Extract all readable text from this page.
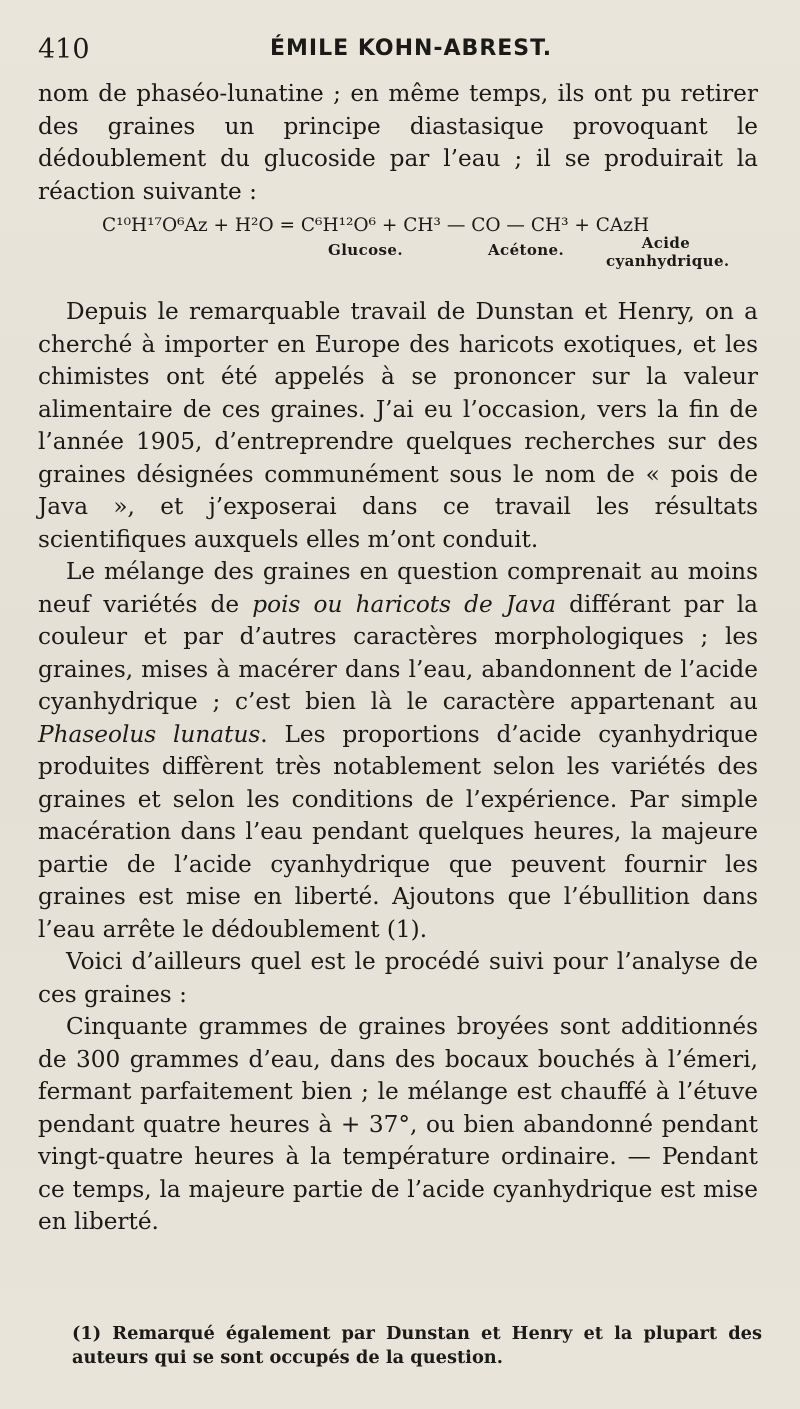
410	ÉMILE KOHN-ABREST.

nom de phaséo-lunatine ; en même temps, ils ont pu retirer des graines un principe diastasique provoquant le dédoublement du glucoside par l’eau ; il se produirait la réaction suivante :

C¹⁰H¹⁷O⁶Az + H²O = C⁶H¹²O⁶ + CH³ — CO — CH³ + CAzH
Glucose.	Acétone.	Acide
cyanhydrique.

Depuis le remarquable travail de Dunstan et Henry, on a cherché à importer en Europe des haricots exotiques, et les chimistes ont été appelés à se prononcer sur la valeur alimentaire de ces graines. J’ai eu l’occasion, vers la fin de l’année 1905, d’entreprendre quelques recherches sur des graines désignées communément sous le nom de « pois de Java », et j’exposerai dans ce travail les résultats scientifiques auxquels elles m’ont conduit.

Le mélange des graines en question comprenait au moins neuf variétés de pois ou haricots de Java différant par la couleur et par d’autres caractères morphologiques ; les graines, mises à macérer dans l’eau, abandonnent de l’acide cyanhydrique ; c’est bien là le caractère appartenant au Phaseolus lunatus. Les proportions d’acide cyanhydrique produites diffèrent très notablement selon les variétés des graines et selon les conditions de l’expérience. Par simple macération dans l’eau pendant quelques heures, la majeure partie de l’acide cyanhydrique que peuvent fournir les graines est mise en liberté. Ajoutons que l’ébullition dans l’eau arrête le dédoublement (1).

Voici d’ailleurs quel est le procédé suivi pour l’analyse de ces graines :

Cinquante grammes de graines broyées sont additionnés de 300 grammes d’eau, dans des bocaux bouchés à l’émeri, fermant parfaitement bien ; le mélange est chauffé à l’étuve pendant quatre heures à + 37°, ou bien abandonné pendant vingt-quatre heures à la température ordinaire. — Pendant ce temps, la majeure partie de l’acide cyanhydrique est mise en liberté.

(1) Remarqué également par Dunstan et Henry et la plupart des auteurs qui se sont occupés de la question.
